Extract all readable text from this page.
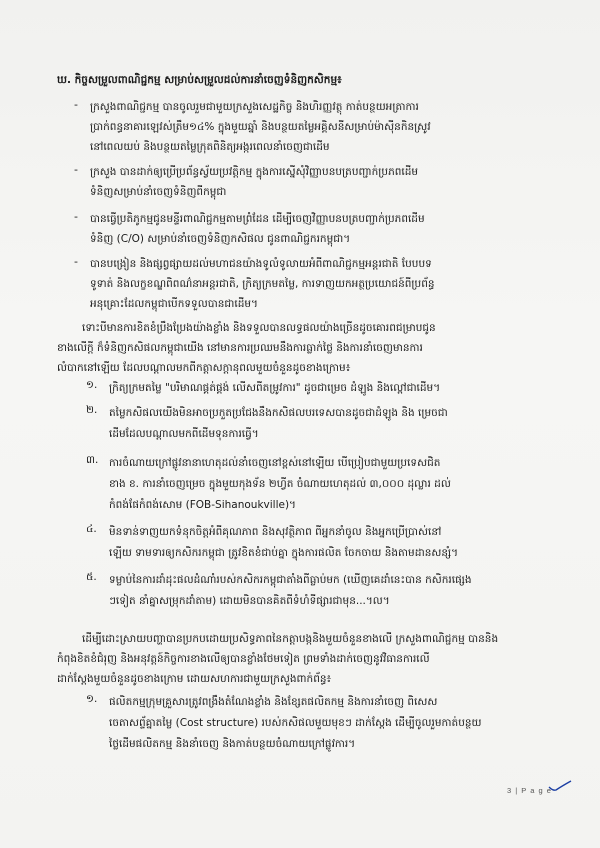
ឃ. កិច្ចសម្រួលពាណិជ្ជកម្ម សម្រាប់សម្រួលដល់ការនាំចេញទំនិញកសិកម្ម៖
- ក្រសួងពាណិជ្ជកម្ម បានចូលរួមជាមួយក្រសួងសេដ្ឋកិច្ច និងហិរញ្ញវត្ថុ កាត់បន្ថយអត្រាការ
ប្រាក់ពន្ធនាគារឡេវស់ត្រឹម១៤% ក្នុងមួយឆ្នាំ និងបន្ថយតម្លៃអគ្គិសនីសម្រាប់ម៉ាស៊ីនកិនស្រូវ
នៅពេលយប់ និងបន្ថយតម្លៃក្រុតពិនិត្យអង្ករពេលនាំចេញជាដើម
- ក្រសួង បានដាក់ឲ្យប្រើប្រព័ន្ធស្វ័យប្រវត្តិកម្ម ក្នុងការស្នើសុំវិញ្ញាបនបត្របញ្ជាក់ប្រភពដើម
ទំនិញសម្រាប់នាំចេញទំនិញពីកម្ពុជា
- បានធ្វើប្រតិភូកម្មជូនមន្ទីរពាណិជ្ជកម្មតាមព្រំដែន ដើម្បីចេញវិញ្ញាបនបត្របញ្ជាក់ប្រភពដើម
ទំនិញ (C/O) សម្រាប់នាំចេញទំនិញកសិផល ជូនពាណិជ្ជករកម្ពុជា។
- បានបង្រៀន និងផ្សព្វផ្សាយដល់មហាជនយ៉ាងទូលំទូលាយអំពីពាណិជ្ជកម្មអន្តរជាតិ បែបបទ
ទូទាត់ និងលក្ខខណ្ឌពិពណ៌នាអន្តរជាតិ, ក្រិត្យក្រមតម្លៃ, ការទាញយកអត្ថប្រយោជន៍ពីប្រព័ន្ធ
អនុគ្រោះដែលកម្ពុជាបើកទទួលបានជាដើម។
ទោះបីមានការខិតខំប្រឹងប្រែងយ៉ាងខ្លាំង និងទទួលបានលទ្ធផលយ៉ាងច្រើនដូចគោរពជម្រាបជូន
ខាងលើក្តី ក៏ទំនិញកសិផលកម្ពុជាយើង នៅមានការប្រឈមនឹងការធ្លាក់ថ្លៃ និងការនាំចេញមានការ
លំបាកនៅឡើយ ដែលបណ្តាលមកពីកត្តាសក្តានុពលមួយចំនួនដូចខាងក្រោម៖
១. ក្រិត្យក្រមតម្លៃ "បរិមាណផ្គត់ផ្គង់ លើសពីតម្រូវការ" ដូចជាម្រេច ដំឡូង និងល្ពៅជាដើម។
២. តម្លៃកសិផលយើងមិនអាចប្រកួតប្រជែងនឹងកសិផលបរទេសបានដូចជាដំឡូង និង ម្រេចជា
ដើមដែលបណ្តាលមកពីដើមទុនការធ្វើ។
៣. ការចំណាយក្រៅផ្លូវនានាហេតុដល់នាំចេញនៅខ្ពស់នៅឡើយ បើប្រៀបជាមួយប្រទេសជិត
ខាង ខ. ការនាំចេញម្រេច ក្នុងមួយកុងទ័ន ២ហ្វីត ចំណាយហេតុដល់ ៣,០០០ ដុល្លារ ដល់
កំពង់ផែកំពង់សោម (FOB-Sihanoukville)។
៤. មិនទាន់ទាញយកទំនុកចិត្តអំពីគុណភាព និងសុវត្ថិភាព ពីអ្នកនាំចូល និងអ្នកប្រើប្រាស់នៅ
ឡើយ ទាមទារឲ្យកសិករកម្ពុជា ត្រូវខិតខំជាប់គ្នា ក្នុងការផលិត ចែកចាយ និងតាមដានសន្សំ។
៥. ទម្លាប់នៃការដាំដុះផលដំណាំរបស់កសិករកម្ពុជាតាំងពីធ្លាប់មក (ឃើញគេដាំនេះបាន កសិករផ្សេង
ៗទៀត នាំគ្នាសម្រុកដាំតាម) ដោយមិនបានគិតពីទំហំទីផ្សារជាមុន...។ល។
ដើម្បីដោះស្រាយបញ្ហាបានប្រកបដោយប្រសិទ្ធភាពនៃកត្តាបង្កនិងមួយចំនួនខាងលើ ក្រសួងពាណិជ្ជកម្ម បាននិង
កំពុងខិតខំជំរុញ និងអនុវត្តន៍កិច្ចការខាងលើឲ្យបានខ្លាំងថែមទៀត ព្រមទាំងដាក់ចេញនូវវិធានការលើ
ដាក់ស្តែងមួយចំនួនដូចខាងក្រោម ដោយសហការជាមួយក្រសួងពាក់ព័ន្ធ៖
១. ផលិតកម្មក្រុមគ្រួសារត្រូវពង្រឹងតំណែងខ្លាំង និងខ្សែតផលិតកម្ម និងការនាំចេញ ពិសេស
ចេតាសព្ទ័គ្នាតម្លៃ (Cost structure) របស់កសិផលមួយមុខៗ ដាក់ស្តែង ដើម្បីចូលរួមកាត់បន្ថយ
ថ្លៃដើមផលិតកម្ម និងនាំចេញ និងកាត់បន្ថយចំណាយក្រៅផ្លូវការ។
3 | P a g e
